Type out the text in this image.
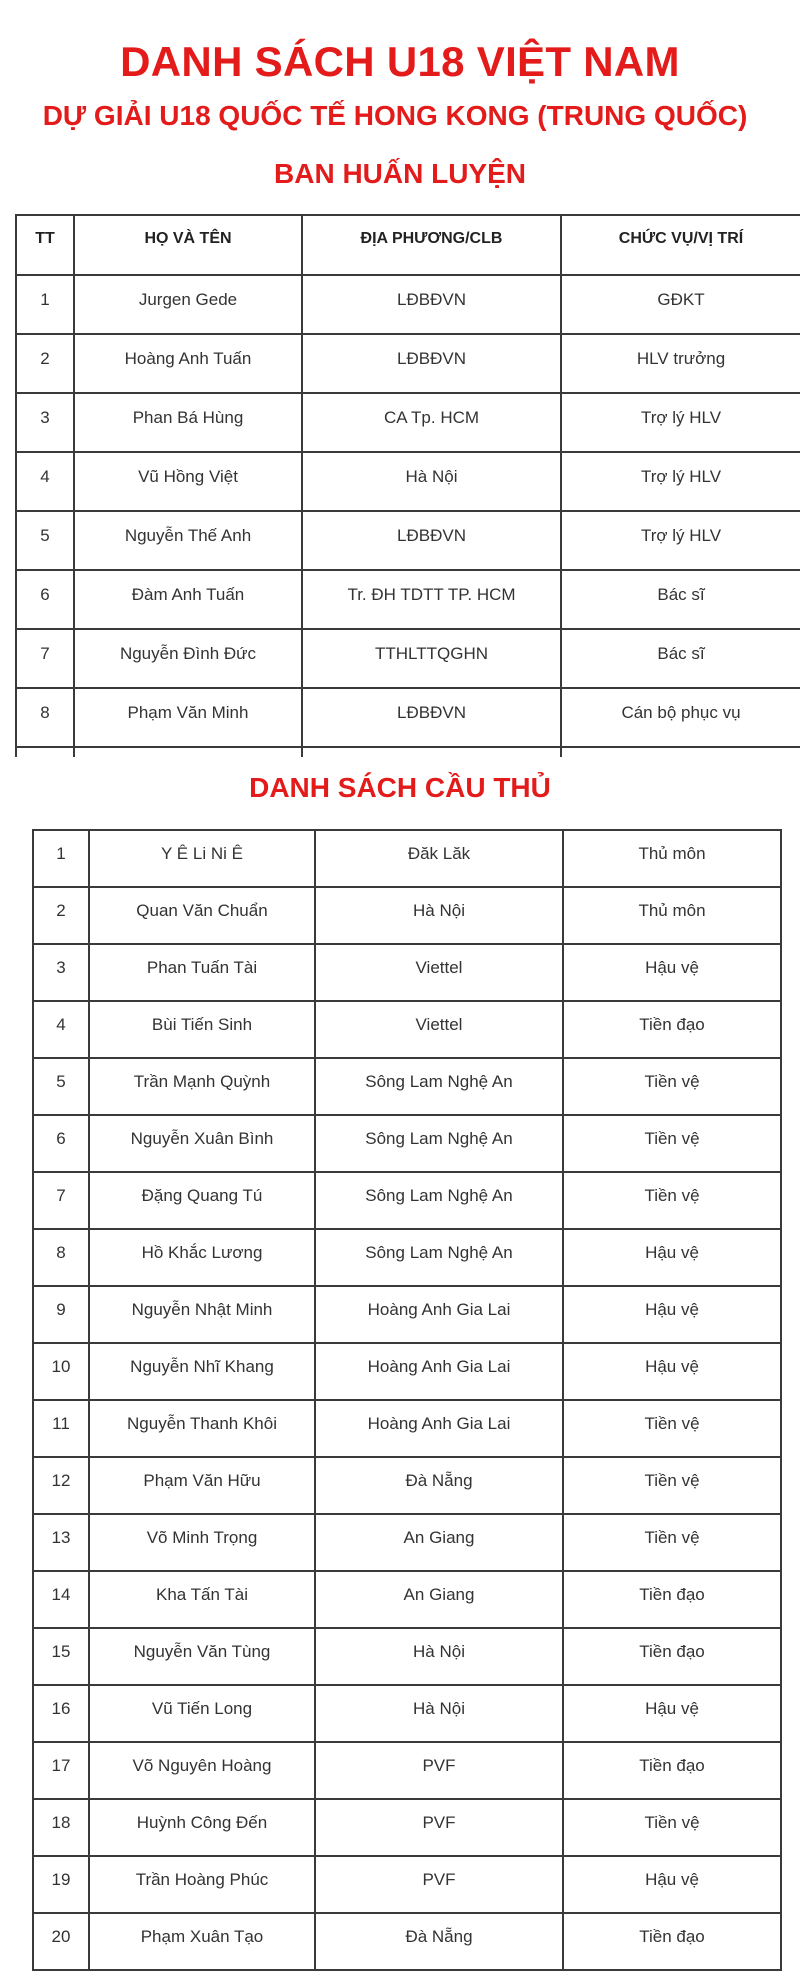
DANH SÁCH U18 VIỆT NAM
DỰ GIẢI U18 QUỐC TẾ HONG KONG (TRUNG QUỐC)
BAN HUẤN LUYỆN
TT	HỌ VÀ TÊN	ĐỊA PHƯƠNG/CLB	CHỨC VỤ/VỊ TRÍ
1	Jurgen Gede	LĐBĐVN	GĐKT
2	Hoàng Anh Tuấn	LĐBĐVN	HLV trưởng
3	Phan Bá Hùng	CA Tp. HCM	Trợ lý HLV
4	Vũ Hồng Việt	Hà Nội	Trợ lý HLV
5	Nguyễn Thế Anh	LĐBĐVN	Trợ lý HLV
6	Đàm Anh Tuấn	Tr. ĐH TDTT TP. HCM	Bác sĩ
7	Nguyễn Đình Đức	TTHLTTQGHN	Bác sĩ
8	Phạm Văn Minh	LĐBĐVN	Cán bộ phục vụ

DANH SÁCH CẦU THỦ
1	Y Ê Li Ni Ê	Đăk Lăk	Thủ môn
2	Quan Văn Chuẩn	Hà Nội	Thủ môn
3	Phan Tuấn Tài	Viettel	Hậu vệ
4	Bùi Tiến Sinh	Viettel	Tiền đạo
5	Trần Mạnh Quỳnh	Sông Lam Nghệ An	Tiền vệ
6	Nguyễn Xuân Bình	Sông Lam Nghệ An	Tiền vệ
7	Đặng Quang Tú	Sông Lam Nghệ An	Tiền vệ
8	Hồ Khắc Lương	Sông Lam Nghệ An	Hậu vệ
9	Nguyễn Nhật Minh	Hoàng Anh Gia Lai	Hậu vệ
10	Nguyễn Nhĩ Khang	Hoàng Anh Gia Lai	Hậu vệ
11	Nguyễn Thanh Khôi	Hoàng Anh Gia Lai	Tiền vệ
12	Phạm Văn Hữu	Đà Nẵng	Tiền vệ
13	Võ Minh Trọng	An Giang	Tiền vệ
14	Kha Tấn Tài	An Giang	Tiền đạo
15	Nguyễn Văn Tùng	Hà Nội	Tiền đạo
16	Vũ Tiến Long	Hà Nội	Hậu vệ
17	Võ Nguyên Hoàng	PVF	Tiền đạo
18	Huỳnh Công Đến	PVF	Tiền vệ
19	Trần Hoàng Phúc	PVF	Hậu vệ
20	Phạm Xuân Tạo	Đà Nẵng	Tiền đạo
